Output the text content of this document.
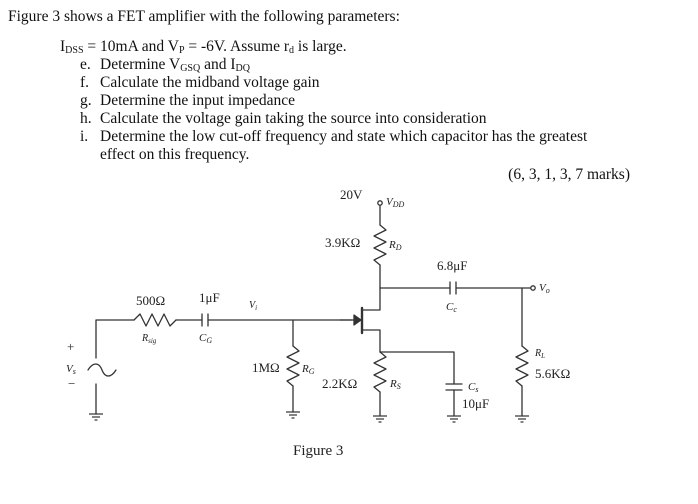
Figure 3 shows a FET amplifier with the following parameters:
$I_{DSS} = 10mA$ and $V_P = -6V$. Assume $r_d$ is large.
e. Determine $V_{GSQ}$ and $I_{DQ}$
f. Calculate the midband voltage gain
g. Determine the input impedance
h. Calculate the voltage gain taking the source into consideration
i. Determine the low cut-off frequency and state which capacitor has the greatest
effect on this frequency.
(6, 3, 1, 3, 7 marks)
20V VDD
3.9KΩ	RD
500Ω
$R_{sig}$
1μF
CG
$V_i$
1MΩ RG
2.2KΩ	RS
6.8μF
Cc
Cs
10μF
$R_L$
5.6KΩ
Vo
+
Vs
−
Figure 3
